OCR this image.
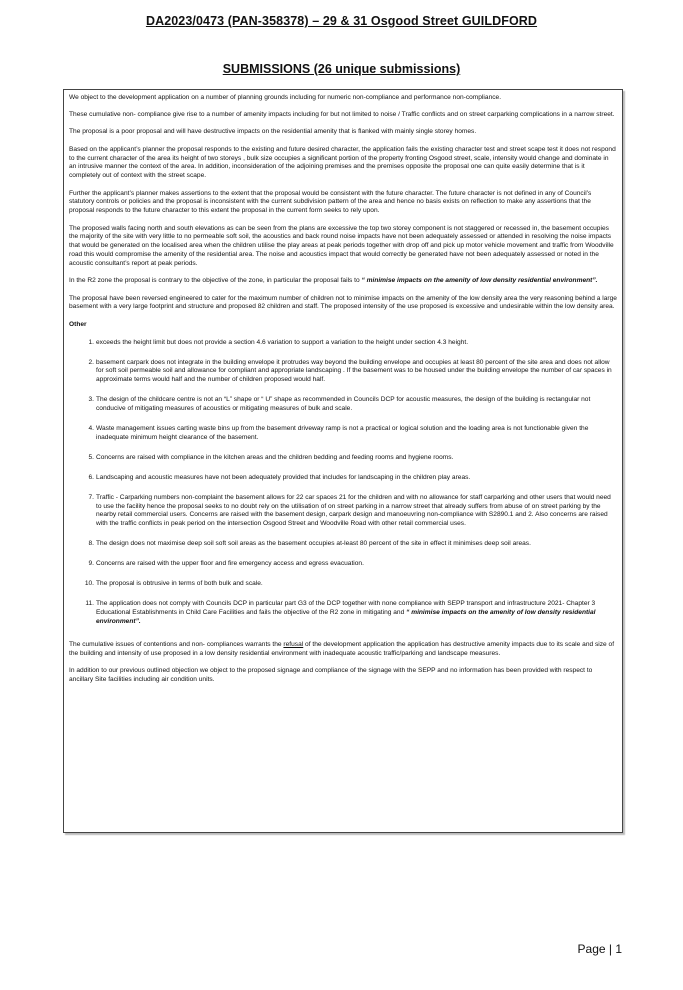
DA2023/0473 (PAN-358378) – 29 & 31 Osgood Street GUILDFORD
SUBMISSIONS (26 unique submissions)

We object to the development application on a number of planning grounds including for numeric non-compliance and performance non-compliance.

These cumulative non- compliance give rise to a number of amenity impacts including for but not limited to noise / Traffic conflicts and on street carparking complications in a narrow street.

The proposal is a poor proposal and will have destructive impacts on the residential amenity that is flanked with mainly single storey homes.

Based on the applicant’s planner the proposal responds to the existing and future desired character, the application fails the existing character test and street scape test it does not respond to the current character of the area its height of two storeys , bulk size occupies a significant portion of the property fronting Osgood street, scale, intensity would change and dominate in an intrusive manner the context of the area. In addition, inconsideration of the adjoining premises and the premises opposite the proposal one can quite easily determine that is it completely out of context with the street scape.

Further the applicant’s planner makes assertions to the extent that the proposal would be consistent with the future character. The future character is not defined in any of Council’s statutory controls or policies and the proposal is inconsistent with the current subdivision pattern of the area and hence no basis exists on reflection to make any assertions that the proposal responds to the future character to this extent the proposal in the current form seeks to rely upon.

The proposed walls facing north and south elevations as can be seen from the plans are excessive the top two storey component is not staggered or recessed in, the basement occupies the majority of the site with very little to no permeable soft soil, the acoustics and back round noise impacts have not been adequately assessed or attended in resolving the noise impacts that would be generated on the localised area when the children utilise the play areas at peak periods together with drop off and pick up motor vehicle movement and traffic from Woodville road this would compromise the amenity of the residential area. The noise and acoustics impact that would correctly be generated have not been adequately assessed or noted in the acoustic consultant’s report at peak periods.

In the R2 zone the proposal is contrary to the objective of the zone, in particular the proposal fails to “ minimise impacts on the amenity of low density residential environment”.

The proposal have been reversed engineered to cater for the maximum number of children not to minimise impacts on the amenity of the low density area the very reasoning behind a large basement with a very large footprint and structure and proposed 82 children and staff. The proposed intensity of the use proposed is excessive and undesirable within the low density area.

Other
1. exceeds the height limit but does not provide a section 4.6 variation to support a variation to the height under section 4.3 height.
2. basement carpark does not integrate in the building envelope it protrudes way beyond the building envelope and occupies at least 80 percent of the site area and does not allow for soft soil permeable soil and allowance for compliant and appropriate landscaping . If the basement was to be housed under the building envelope the number of car spaces in approximate terms would half and the number of children proposed would half.
3. The design of the childcare centre is not an “L” shape or “ U” shape as recommended in Councils DCP for acoustic measures, the design of the building is rectangular not conducive of mitigating measures of acoustics or mitigating measures of bulk and scale.
4. Waste management issues carting waste bins up from the basement driveway ramp is not a practical or logical solution and the loading area is not functionable given the inadequate minimum height clearance of the basement.
5. Concerns are raised with compliance in the kitchen areas and the children bedding and feeding rooms and hygiene rooms.
6. Landscaping and acoustic measures have not been adequately provided that includes for landscaping in the children play areas.
7. Traffic - Carparking numbers non-complaint the basement allows for 22 car spaces 21 for the children and with no allowance for staff carparking and other users that would need to use the facility hence the proposal seeks to no doubt rely on the utilisation of on street parking in a narrow street that already suffers from abuse of on street parking by the nearby retail commercial users. Concerns are raised with the basement design, carpark design and manoeuvring non-compliance with S2890.1 and 2. Also concerns are raised with the traffic conflicts in peak period on the intersection Osgood Street and Woodville Road with other retail commercial uses.
8. The design does not maximise deep soil soft soil areas as the basement occupies at-least 80 percent of the site in effect it minimises deep soil areas.
9. Concerns are raised with the upper floor and fire emergency access and egress evacuation.
10. The proposal is obtrusive in terms of both bulk and scale.
11. The application does not comply with Councils DCP in particular part G3 of the DCP together with none compliance with SEPP transport and infrastructure 2021- Chapter 3 Educational Establishments in Child Care Facilities and fails the objective of the R2 zone in mitigating and “ minimise impacts on the amenity of low density residential environment”.

The cumulative issues of contentions and non- compliances warrants the refusal of the development application the application has destructive amenity impacts due to its scale and size of the building and intensity of use proposed in a low density residential environment with inadequate acoustic traffic/parking and landscape measures.

In addition to our previous outlined objection we object to the proposed signage and compliance of the signage with the SEPP and no information has been provided with respect to ancillary Site facilities including air condition units.

Page | 1
